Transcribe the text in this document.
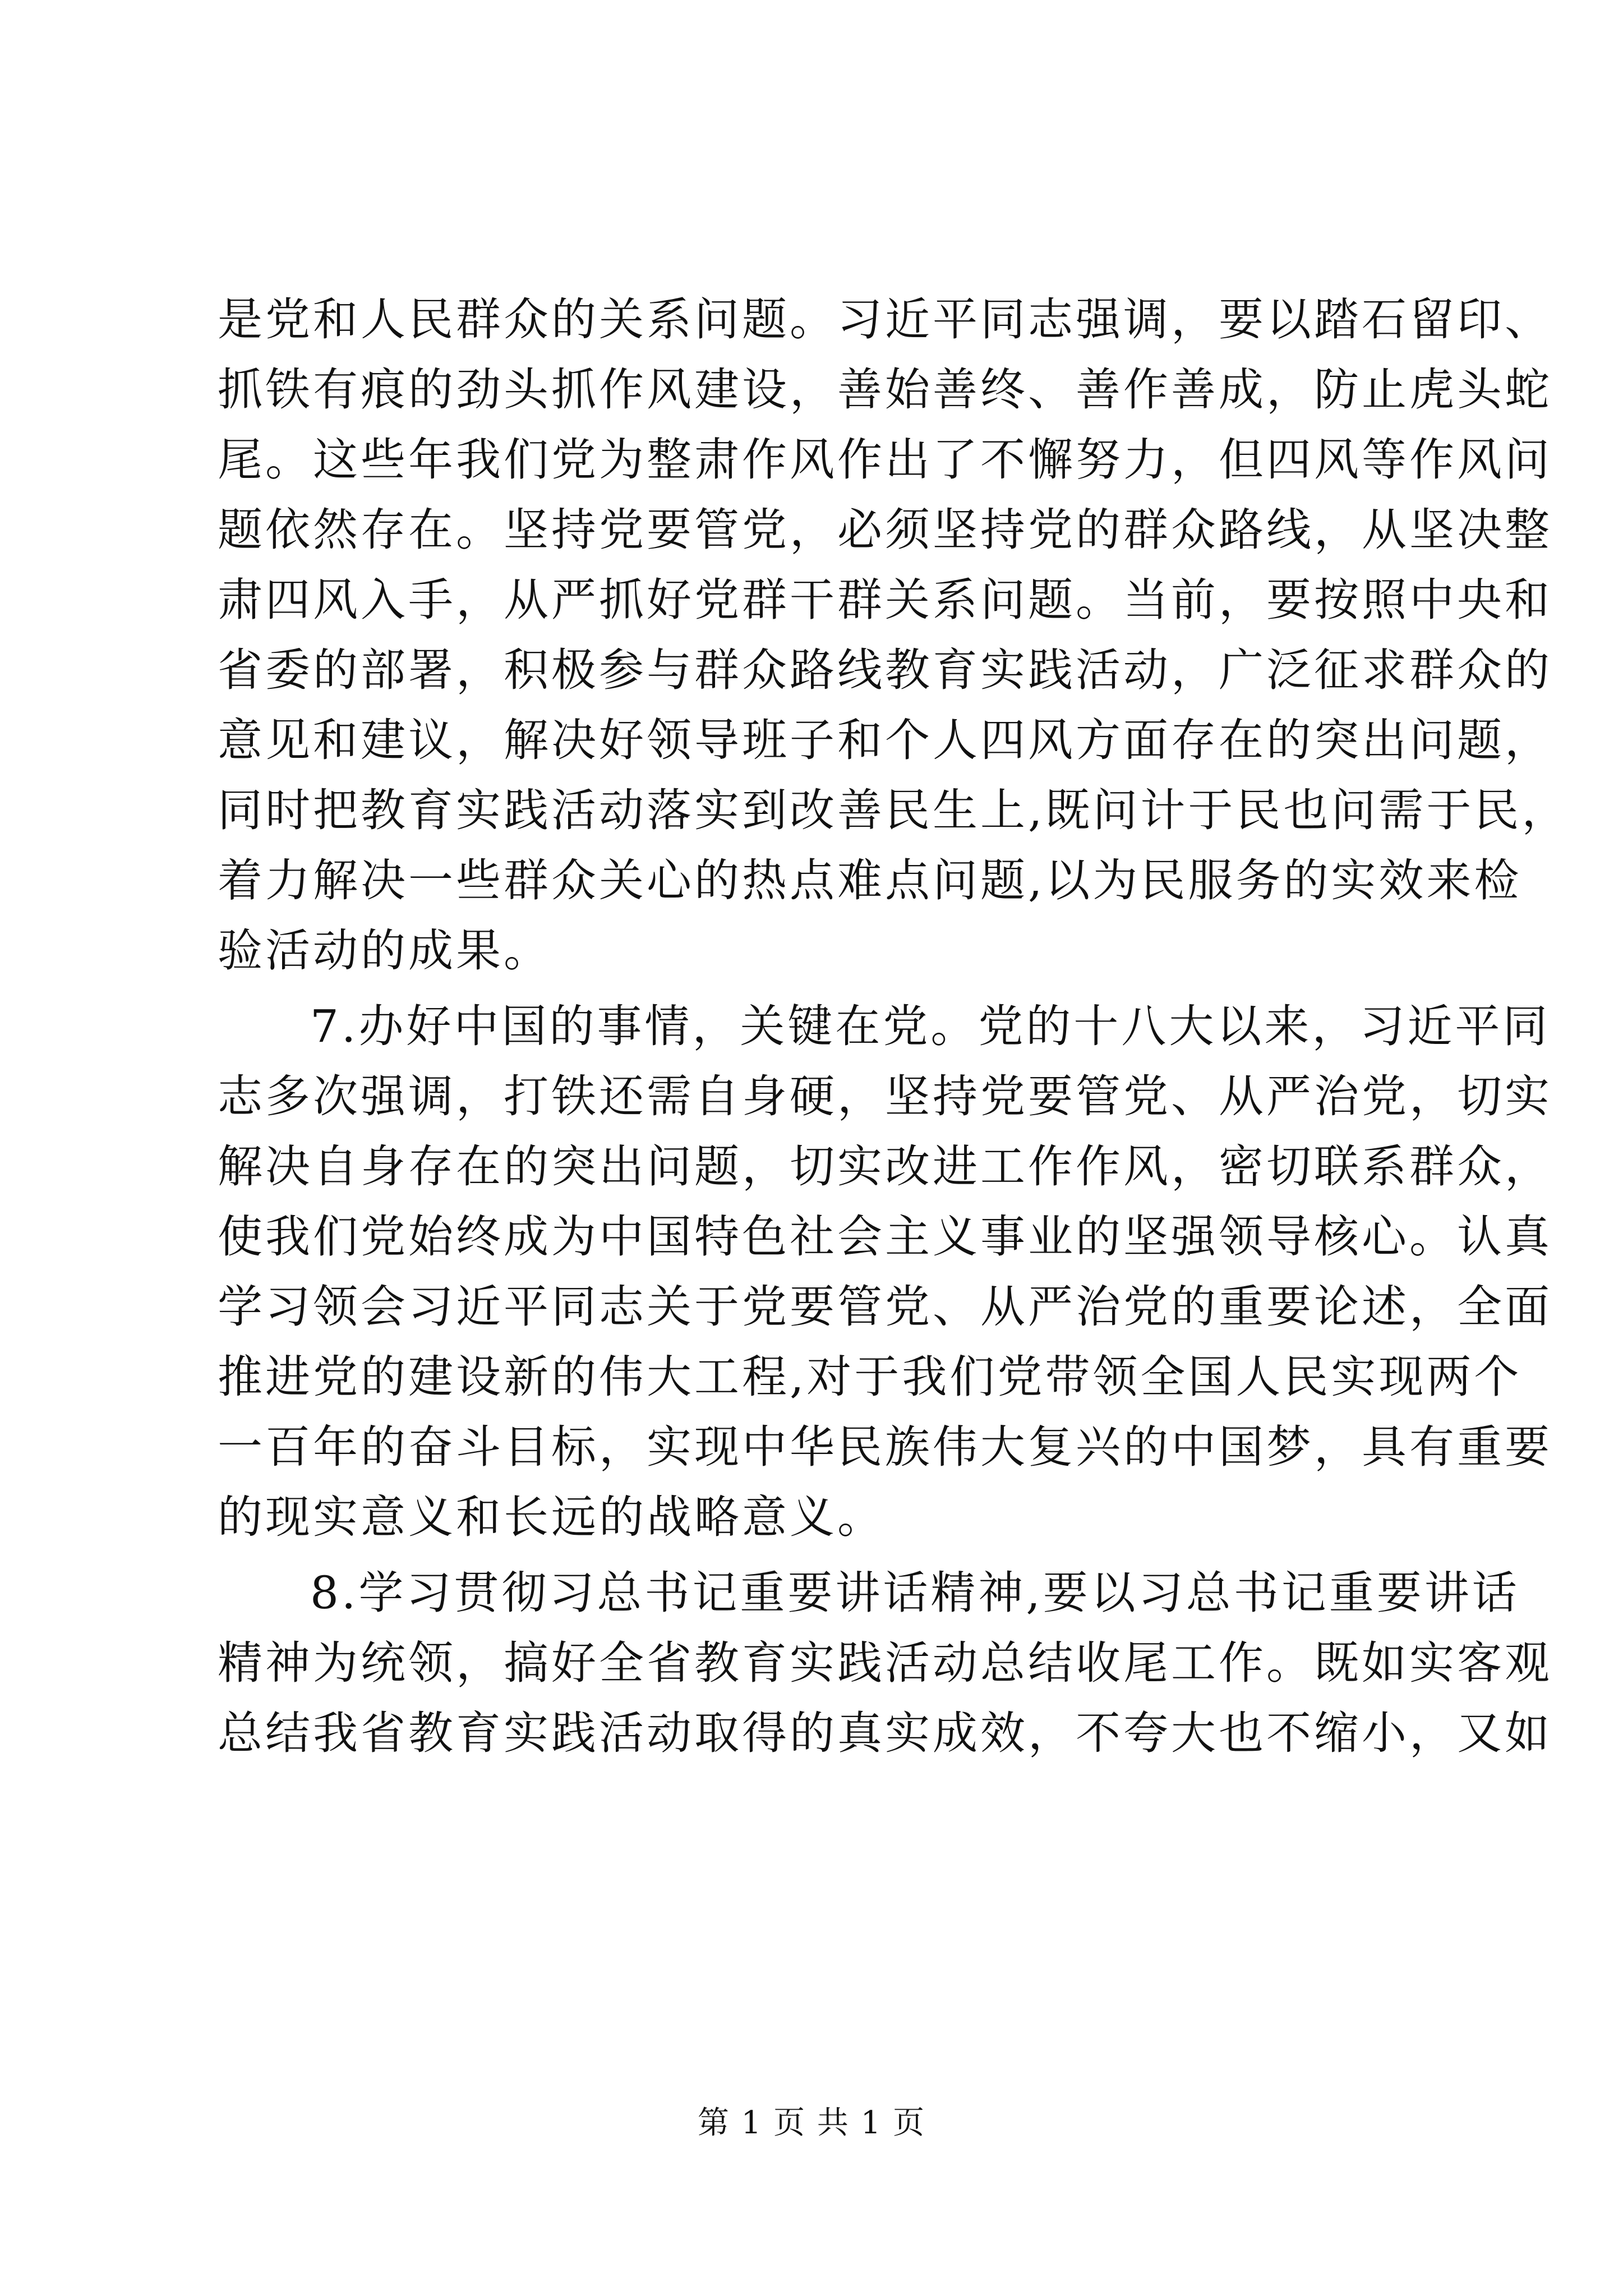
是党和人民群众的关系问题。习近平同志强调，要以踏石留印、
抓铁有痕的劲头抓作风建设，善始善终、善作善成，防止虎头蛇
尾。这些年我们党为整肃作风作出了不懈努力，但四风等作风问
题依然存在。坚持党要管党，必须坚持党的群众路线，从坚决整
肃四风入手，从严抓好党群干群关系问题。当前，要按照中央和
省委的部署，积极参与群众路线教育实践活动，广泛征求群众的
意见和建议，解决好领导班子和个人四风方面存在的突出问题，
同时把教育实践活动落实到改善民生上,既问计于民也问需于民，
着力解决一些群众关心的热点难点问题,以为民服务的实效来检
验活动的成果。
7.办好中国的事情，关键在党。党的十八大以来，习近平同
志多次强调，打铁还需自身硬，坚持党要管党、从严治党，切实
解决自身存在的突出问题，切实改进工作作风，密切联系群众，
使我们党始终成为中国特色社会主义事业的坚强领导核心。认真
学习领会习近平同志关于党要管党、从严治党的重要论述，全面
推进党的建设新的伟大工程,对于我们党带领全国人民实现两个
一百年的奋斗目标，实现中华民族伟大复兴的中国梦，具有重要
的现实意义和长远的战略意义。
8.学习贯彻习总书记重要讲话精神,要以习总书记重要讲话
精神为统领，搞好全省教育实践活动总结收尾工作。既如实客观
总结我省教育实践活动取得的真实成效，不夸大也不缩小，又如
第 1 页 共 1 页
